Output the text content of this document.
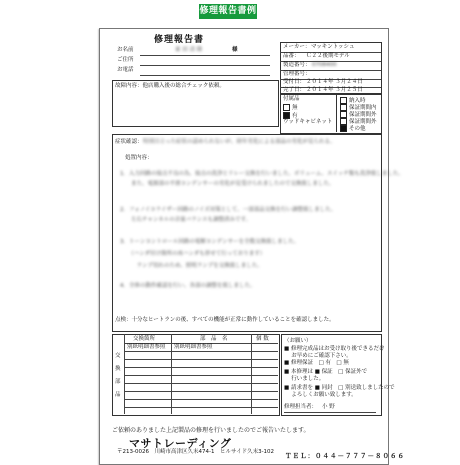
修理報告書例
修理報告書
お名前	東 田 清 隆	様
ご住所
お電話
メーカー： マッキントッシュ
品番： Ｃ２２後期モデル
製造番号： 0708400
管理番号：
受付日： ２０１４年 ３月２４日
完了日： ２０１４年 ３月２５日
故障内容：他店購入後の総合チェック依頼。
付属品
無
有
ウッドキャビネット
納入時
保証期間内
保証期間外
保証期間外
その他
症状確認： 特別目立った症状の認められないが、経年劣化による部品の劣化が見られる。
処置内容：
1．入力回路の接点不良の為、接点の洗浄とリレー交換を行いました。ボリューム、スイッチ類も洗浄致しました。
　　また、電源部の平滑コンデンサーの劣化が見受けられましたので交換致しました。
2．フォノイコライザー回路のノイズ対策として、一部部品交換を行い調整致しました。
　　左右チャンネルの音量バランスも調整済みです。
3．トーンコントロール回路の電解コンデンサーを全数交換致しました。
　　（ハンダ付け箇所の再ハンダも併せて行っております）
　　　ランプ切れのため、照明ランプを交換致しました。
4．全体の動作確認を行い、各部の調整を致しました。
点検：十分なヒートランの後、すべての機能が正常に動作していることを確認しました。
交
換
部
品
交換箇所	部　品　名	個 数
別紙明細書参照 別紙明細書参照
（お願い）
■ 修理完成品はお受け取り後できるだけ
　 お早めにご確認下さい。
■ 修理保証　□ 有　□ 無
■ 本修理は ■ 保証　□ 保証外で
　 行いました。
■ 請求書を ■ 同封　□ 別送致しましたので
　 よろしくお願い致します。
修理担当者： 小 野
ご依頼のありました上記製品の修理を行いましたのでご報告いたします。
マサトレーディング
〒213-0026　川崎市高津区久末474-1　ヒルサイド久末3-102 ＴＥＬ：０４４－７７７－８０６６
